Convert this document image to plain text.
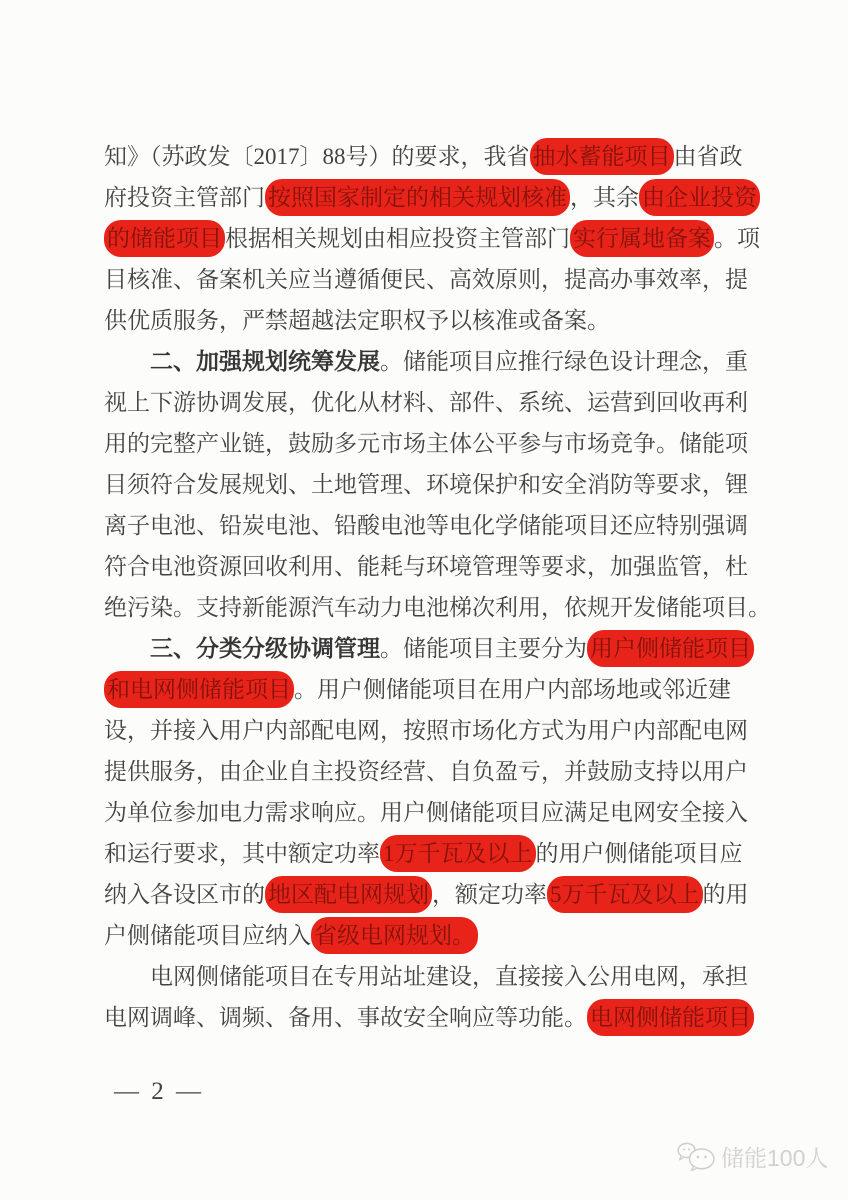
知》（苏政发〔2017〕88号）的要求，我省 抽水蓄能项目 由省政
府投资主管部门 按照国家制定的相关规划核准 ，其余 由企业投资
的储能项目 根据相关规划由相应投资主管部门 实行属地备案 。项
目核准、备案机关应当遵循便民、高效原则，提高办事效率，提
供优质服务，严禁超越法定职权予以核准或备案。
二、加强规划统筹发展。储能项目应推行绿色设计理念，重
视上下游协调发展，优化从材料、部件、系统、运营到回收再利
用的完整产业链，鼓励多元市场主体公平参与市场竞争。储能项
目须符合发展规划、土地管理、环境保护和安全消防等要求，锂
离子电池、铅炭电池、铅酸电池等电化学储能项目还应特别强调
符合电池资源回收利用、能耗与环境管理等要求，加强监管，杜
绝污染。支持新能源汽车动力电池梯次利用，依规开发储能项目。
三、分类分级协调管理。储能项目主要分为 用户侧储能项目
和电网侧储能项目 。用户侧储能项目在用户内部场地或邻近建
设，并接入用户内部配电网，按照市场化方式为用户内部配电网
提供服务，由企业自主投资经营、自负盈亏，并鼓励支持以用户
为单位参加电力需求响应。用户侧储能项目应满足电网安全接入
和运行要求，其中额定功率 1万千瓦及以上 的用户侧储能项目应
纳入各设区市的 地区配电网规划 ，额定功率 5万千瓦及以上 的用
户侧储能项目应纳入 省级电网规划。
电网侧储能项目在专用站址建设，直接接入公用电网，承担
电网调峰、调频、备用、事故安全响应等功能。 电网侧储能项目
— 2 —
储能100人
